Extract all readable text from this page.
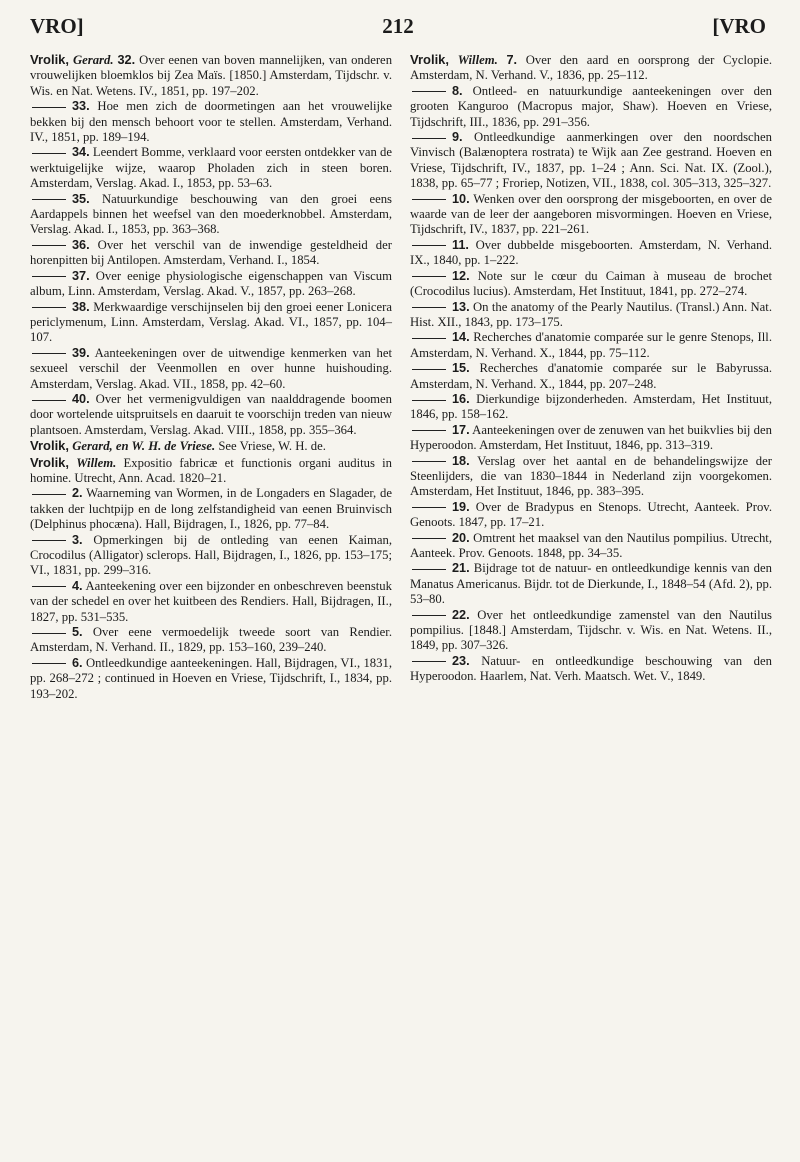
VRO]	212	[VRO

Vrolik, Gerard. 32. Over eenen van boven mannelijken, van onderen vrouwelijken bloemklos bij Zea Maïs. [1850.] Amsterdam, Tijdschr. v. Wis. en Nat. Wetens. IV., 1851, pp. 197–202.

33. Hoe men zich de doormetingen aan het vrouwelijke bekken bij den mensch behoort voor te stellen. Amsterdam, Verhand. IV., 1851, pp. 189–194.

34. Leendert Bomme, verklaard voor eersten ontdekker van de werktuigelijke wijze, waarop Pholaden zich in steen boren. Amsterdam, Verslag. Akad. I., 1853, pp. 53–63.

35. Natuurkundige beschouwing van den groei eens Aardappels binnen het weefsel van den moederknobbel. Amsterdam, Verslag. Akad. I., 1853, pp. 363–368.

36. Over het verschil van de inwendige gesteldheid der horenpitten bij Antilopen. Amsterdam, Verhand. I., 1854.

37. Over eenige physiologische eigenschappen van Viscum album, Linn. Amsterdam, Verslag. Akad. V., 1857, pp. 263–268.

38. Merkwaardige verschijnselen bij den groei eener Lonicera periclymenum, Linn. Amsterdam, Verslag. Akad. VI., 1857, pp. 104–107.

39. Aanteekeningen over de uitwendige kenmerken van het sexueel verschil der Veenmollen en over hunne huishouding. Amsterdam, Verslag. Akad. VII., 1858, pp. 42–60.

40. Over het vermenigvuldigen van naalddragende boomen door wortelende uitspruitsels en daaruit te voorschijn treden van nieuw plantsoen. Amsterdam, Verslag. Akad. VIII., 1858, pp. 355–364.

Vrolik, Gerard, en W. H. de Vriese. See Vriese, W. H. de.

Vrolik, Willem. Expositio fabricæ et functionis organi auditus in homine. Utrecht, Ann. Acad. 1820–21.

2. Waarneming van Wormen, in de Longaders en Slagader, de takken der luchtpijp en de long zelfstandigheid van eenen Bruinvisch (Delphinus phocæna). Hall, Bijdragen, I., 1826, pp. 77–84.

3. Opmerkingen bij de ontleding van eenen Kaiman, Crocodilus (Alligator) sclerops. Hall, Bijdragen, I., 1826, pp. 153–175; VI., 1831, pp. 299–316.

4. Aanteekening over een bijzonder en onbeschreven beenstuk van der schedel en over het kuitbeen des Rendiers. Hall, Bijdragen, II., 1827, pp. 531–535.

5. Over eene vermoedelijk tweede soort van Rendier. Amsterdam, N. Verhand. II., 1829, pp. 153–160, 239–240.

6. Ontleedkundige aanteekeningen. Hall, Bijdragen, VI., 1831, pp. 268–272 ; continued in Hoeven en Vriese, Tijdschrift, I., 1834, pp. 193–202.

Vrolik, Willem. 7. Over den aard en oorsprong der Cyclopie. Amsterdam, N. Verhand. V., 1836, pp. 25–112.

8. Ontleed- en natuurkundige aanteekeningen over den grooten Kanguroo (Macropus major, Shaw). Hoeven en Vriese, Tijdschrift, III., 1836, pp. 291–356.

9. Ontleedkundige aanmerkingen over den noordschen Vinvisch (Balænoptera rostrata) te Wijk aan Zee gestrand. Hoeven en Vriese, Tijdschrift, IV., 1837, pp. 1–24 ; Ann. Sci. Nat. IX. (Zool.), 1838, pp. 65–77 ; Froriep, Notizen, VII., 1838, col. 305–313, 325–327.

10. Wenken over den oorsprong der misgeboorten, en over de waarde van de leer der aangeboren misvormingen. Hoeven en Vriese, Tijdschrift, IV., 1837, pp. 221–261.

11. Over dubbelde misgeboorten. Amsterdam, N. Verhand. IX., 1840, pp. 1–222.

12. Note sur le cœur du Caiman à museau de brochet (Crocodilus lucius). Amsterdam, Het Instituut, 1841, pp. 272–274.

13. On the anatomy of the Pearly Nautilus. (Transl.) Ann. Nat. Hist. XII., 1843, pp. 173–175.

14. Recherches d'anatomie comparée sur le genre Stenops, Ill. Amsterdam, N. Verhand. X., 1844, pp. 75–112.

15. Recherches d'anatomie comparée sur le Babyrussa. Amsterdam, N. Verhand. X., 1844, pp. 207–248.

16. Dierkundige bijzonderheden. Amsterdam, Het Instituut, 1846, pp. 158–162.

17. Aanteekeningen over de zenuwen van het buikvlies bij den Hyperoodon. Amsterdam, Het Instituut, 1846, pp. 313–319.

18. Verslag over het aantal en de behandelingswijze der Steenlijders, die van 1830–1844 in Nederland zijn voorgekomen. Amsterdam, Het Instituut, 1846, pp. 383–395.

19. Over de Bradypus en Stenops. Utrecht, Aanteek. Prov. Genoots. 1847, pp. 17–21.

20. Omtrent het maaksel van den Nautilus pompilius. Utrecht, Aanteek. Prov. Genoots. 1848, pp. 34–35.

21. Bijdrage tot de natuur- en ontleedkundige kennis van den Manatus Americanus. Bijdr. tot de Dierkunde, I., 1848–54 (Afd. 2), pp. 53–80.

22. Over het ontleedkundige zamenstel van den Nautilus pompilius. [1848.] Amsterdam, Tijdschr. v. Wis. en Nat. Wetens. II., 1849, pp. 307–326.

23. Natuur- en ontleedkundige beschouwing van den Hyperoodon. Haarlem, Nat. Verh. Maatsch. Wet. V., 1849.
